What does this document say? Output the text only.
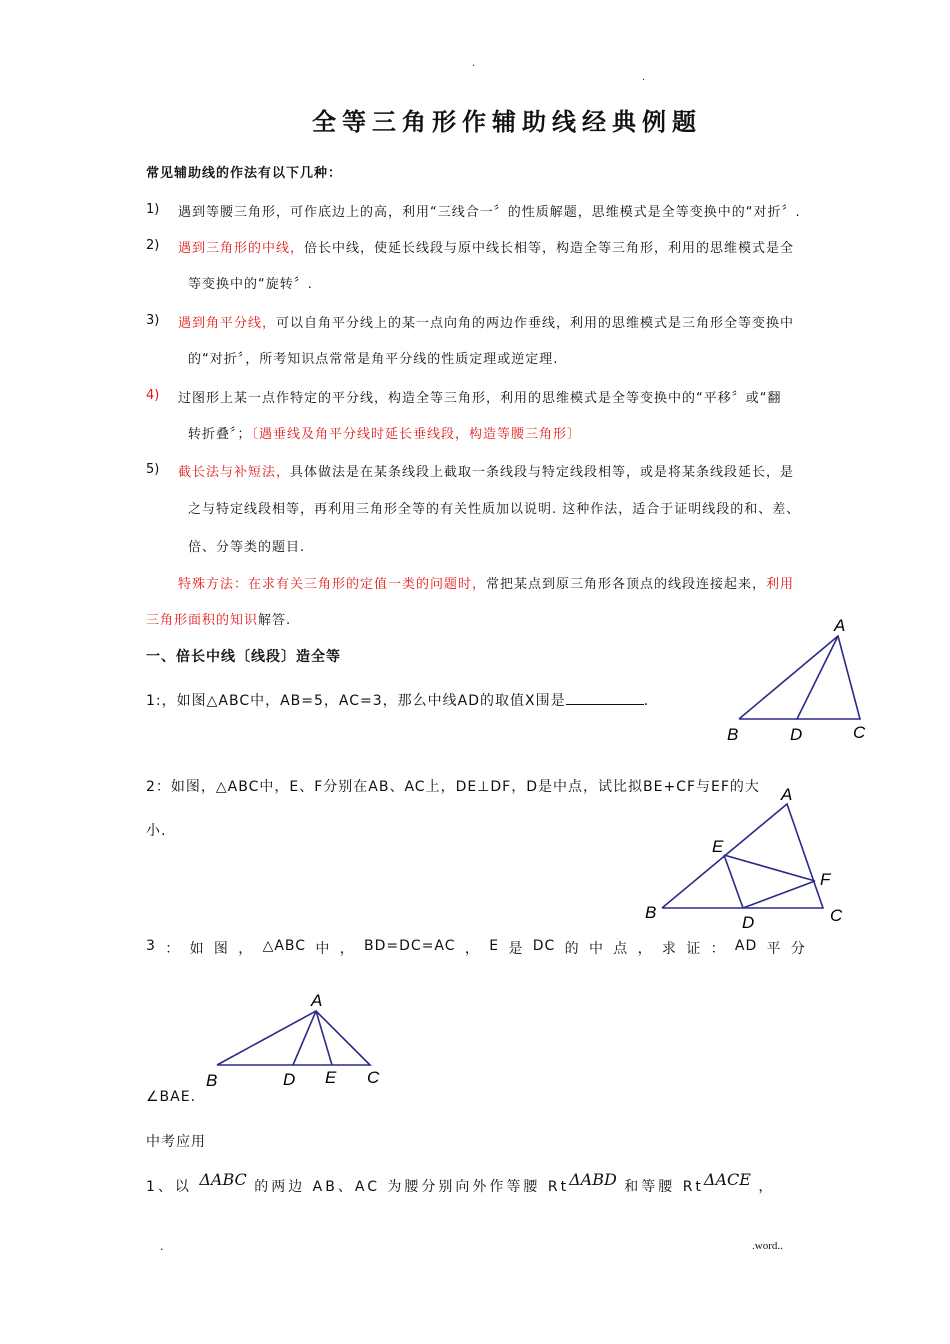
.
.
全等三角形作辅助线经典例题
常见辅助线的作法有以下几种：
1) 遇到等腰三角形，可作底边上的高，利用“三线合一〞的性质解题，思维模式是全等变换中的“对折〞.
2) 遇到三角形的中线，倍长中线，使延长线段与原中线长相等，构造全等三角形，利用的思维模式是全
等变换中的“旋转〞.
3) 遇到角平分线，可以自角平分线上的某一点向角的两边作垂线，利用的思维模式是三角形全等变换中
的“对折〞，所考知识点常常是角平分线的性质定理或逆定理.
4) 过图形上某一点作特定的平分线，构造全等三角形，利用的思维模式是全等变换中的“平移〞或“翻
转折叠〞；〔遇垂线及角平分线时延长垂线段，构造等腰三角形〕
5) 截长法与补短法，具体做法是在某条线段上截取一条线段与特定线段相等，或是将某条线段延长，是
之与特定线段相等，再利用三角形全等的有关性质加以说明. 这种作法，适合于证明线段的和、差、
倍、分等类的题目.
特殊方法：在求有关三角形的定值一类的问题时，常把某点到原三角形各顶点的线段连接起来，利用
三角形面积的知识解答.
一、倍长中线〔线段〕造全等
1:，如图△ABC中，AB=5，AC=3，那么中线AD的取值X围是	.
A
B	D	C
2：如图，△ABC中，E、F分别在AB、AC上，DE⊥DF，D是中点，试比拟BE+CF与EF的大
小.
A
E
F
B
D	C
3 ： 如 图 ， △ABC 中 ， BD=DC=AC ， E 是 DC 的 中 点 ， 求 证 ： AD 平 分
A
B	D E C
∠BAE.
中考应用
1、以 ΔABC 的两边 AB、AC 为腰分别向外作等腰 RtΔABD 和等腰 RtΔACE ，
.	.word..
